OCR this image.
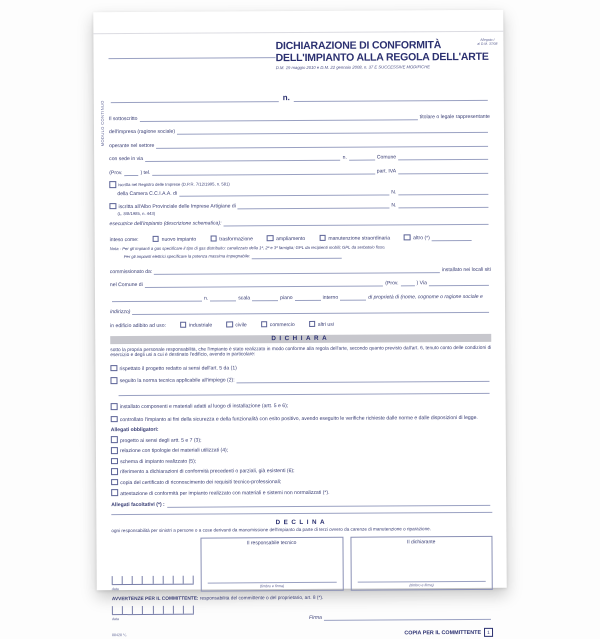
MODULO CONTINUO
Allegato I
al D.M. 37/08
DICHIARAZIONE DI CONFORMITÀ
DELL'IMPIANTO ALLA REGOLA DELL'ARTE
D.M. 19 maggio 2010 e D.M. 22 gennaio 2008, n. 37 E SUCCESSIVE MODIFICHE
n.
Il sottoscritto	titolare o legale rappresentante
dell'impresa (ragione sociale)
operante nel settore
con sede in via	n.	Comune
(Prov.	) tel.	part. IVA
iscritta nel Registro delle Imprese (D.P.R. 7/12/1995, n. 581)
della Camera C.C.I.A.A. di	N.
iscritta all'Albo Provinciale delle Imprese Artigiane di	N.
(L. 8/8/1985, n. 443)
esecutrice dell'impianto (descrizione schematica):
inteso come:	nuovo impianto	trasformazione	ampliamento	manutenzione straordinaria	altro (*)
Nota - Per gli impianti a gas specificare il tipo di gas distribuito: canalizzato della 1ª, 2ª e 3ª famiglia; GPL da recipienti mobili; GPL da serbatoio fisso.
Per gli impianti elettrici specificare la potenza massima impegnabile:
commissionato da:	installato nei locali siti
nel Comune di	(Prov.	) Via
n.	scala	piano	interno	di proprietà di (nome, cognome o ragione sociale e
indirizzo)
in edificio adibito ad uso:	industriale	civile	commercio	altri usi
DICHIARA
sotto la propria personale responsabilità, che l'impianto è stato realizzato in modo conforme alla regola dell'arte, secondo quanto previsto dall'art. 6, tenuto conto delle condizioni di esercizio e degli usi a cui è destinato l'edificio, avendo in particolare:
rispettato il progetto redatto ai sensi dell'art. 5 da (1)
seguito la norma tecnica applicabile all'impiego (2):
installato componenti e materiali adatti al luogo di installazione (artt. 5 e 6);
controllato l'impianto ai fini della sicurezza e della funzionalità con esito positivo, avendo eseguito le verifiche richieste dalle norme e dalle disposizioni di legge.
Allegati obbligatori:
progetto ai sensi degli artt. 5 e 7 (3);
relazione con tipologie dei materiali utilizzati (4);
schema di impianto realizzato (5);
riferimento a dichiarazioni di conformità precedenti o parziali, già esistenti (6);
copia del certificato di riconoscimento dei requisiti tecnico-professionali;
attestazione di conformità per impianto realizzato con materiali e sistemi non normalizzati (*).
Allegati facoltativi (*) :
DECLINA
ogni responsabilità per sinistri a persone o a cose derivanti da manomissione dell'impianto da parte di terzi ovvero da carenze di manutenzione o riparazione.
data
Il responsabile tecnico
(timbro e firma)
Il dichiarante
(timbro e firma)
AVVERTENZE PER IL COMMITTENTE: responsabilità del committente o del proprietario, art. 8 (*).
data	Firma
88428 ⅟₂	COPIA PER IL COMMITTENTE	1
